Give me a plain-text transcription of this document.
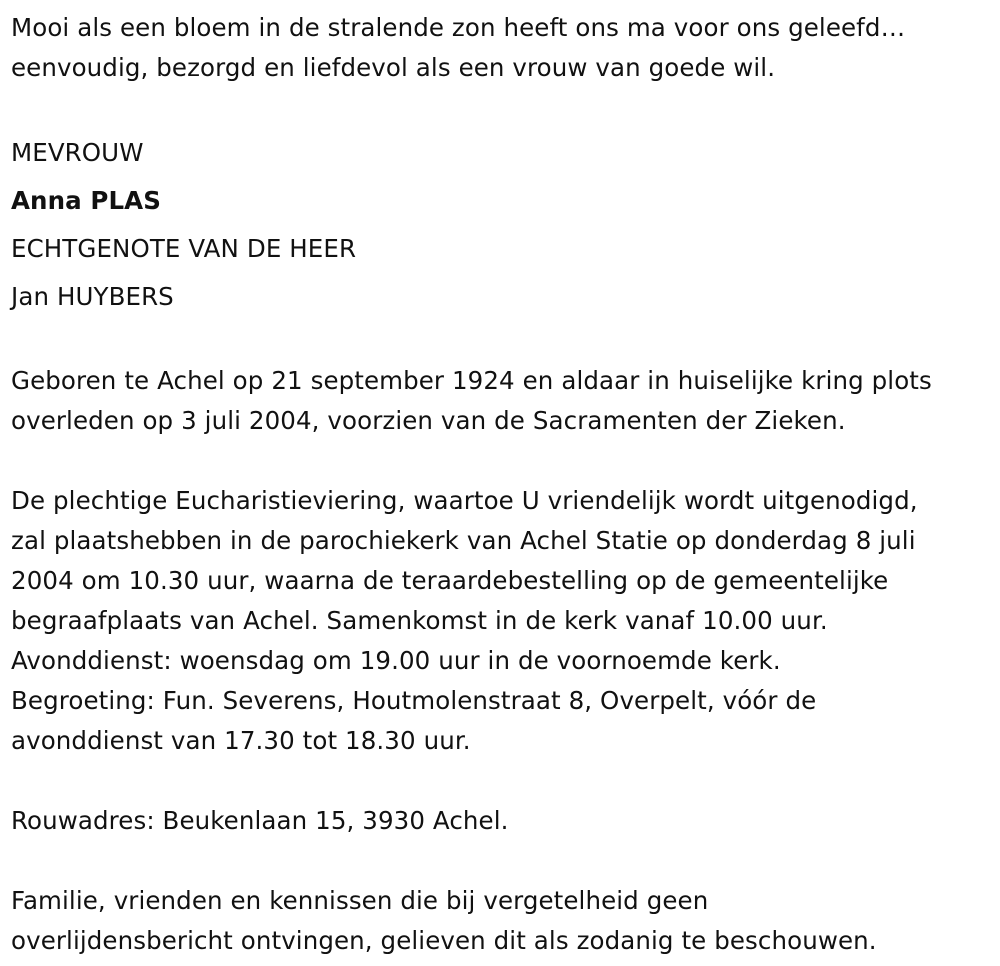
Mooi als een bloem in de stralende zon heeft ons ma voor ons geleefd…
eenvoudig, bezorgd en liefdevol als een vrouw van goede wil.
MEVROUW
Anna PLAS
ECHTGENOTE VAN DE HEER
Jan HUYBERS
Geboren te Achel op 21 september 1924 en aldaar in huiselijke kring plots
overleden op 3 juli 2004, voorzien van de Sacramenten der Zieken.
De plechtige Eucharistieviering, waartoe U vriendelijk wordt uitgenodigd,
zal plaatshebben in de parochiekerk van Achel Statie op donderdag 8 juli
2004 om 10.30 uur, waarna de teraardebestelling op de gemeentelijke
begraafplaats van Achel. Samenkomst in de kerk vanaf 10.00 uur.
Avonddienst: woensdag om 19.00 uur in de voornoemde kerk.
Begroeting: Fun. Severens, Houtmolenstraat 8, Overpelt, vóór de
avonddienst van 17.30 tot 18.30 uur.
Rouwadres: Beukenlaan 15, 3930 Achel.
Familie, vrienden en kennissen die bij vergetelheid geen
overlijdensbericht ontvingen, gelieven dit als zodanig te beschouwen.
